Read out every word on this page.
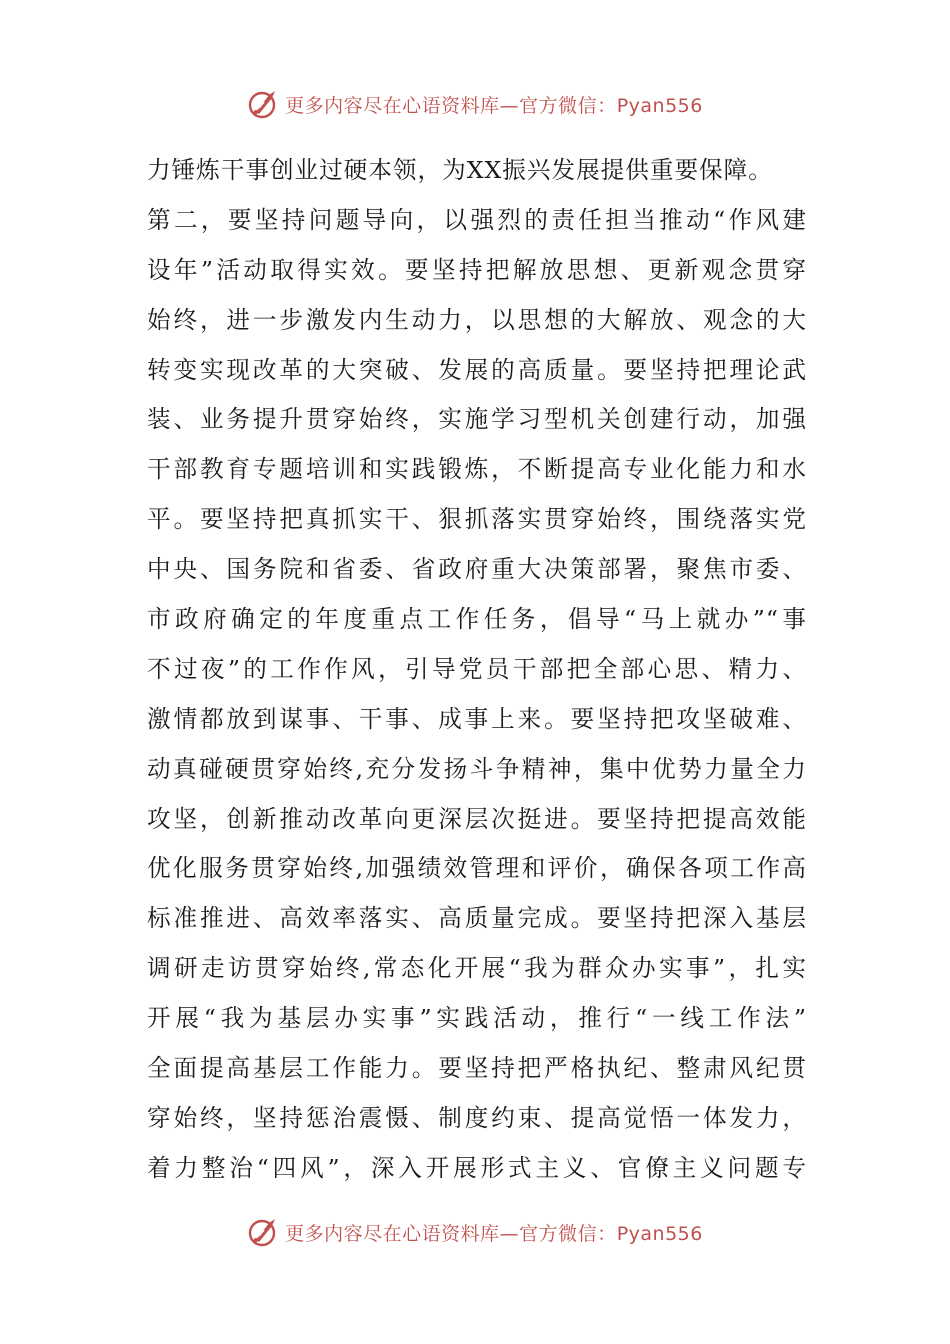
更多内容尽在心语资料库—官方微信：Pyan556
力锤炼干事创业过硬本领，为XX振兴发展提供重要保障。
第二，要坚持问题导向，以强烈的责任担当推动“作风建
设年”活动取得实效。要坚持把解放思想、更新观念贯穿
始终，进一步激发内生动力，以思想的大解放、观念的大
转变实现改革的大突破、发展的高质量。要坚持把理论武
装、业务提升贯穿始终，实施学习型机关创建行动，加强
干部教育专题培训和实践锻炼，不断提高专业化能力和水
平。要坚持把真抓实干、狠抓落实贯穿始终，围绕落实党
中央、国务院和省委、省政府重大决策部署，聚焦市委、
市政府确定的年度重点工作任务，倡导“马上就办”“事
不过夜”的工作作风，引导党员干部把全部心思、精力、
激情都放到谋事、干事、成事上来。要坚持把攻坚破难、
动真碰硬贯穿始终,充分发扬斗争精神，集中优势力量全力
攻坚，创新推动改革向更深层次挺进。要坚持把提高效能
优化服务贯穿始终,加强绩效管理和评价，确保各项工作高
标准推进、高效率落实、高质量完成。要坚持把深入基层
调研走访贯穿始终,常态化开展“我为群众办实事”，扎实
开展“我为基层办实事”实践活动，推行“一线工作法”
全面提高基层工作能力。要坚持把严格执纪、整肃风纪贯
穿始终，坚持惩治震慑、制度约束、提高觉悟一体发力，
着力整治“四风”，深入开展形式主义、官僚主义问题专
更多内容尽在心语资料库—官方微信：Pyan556
